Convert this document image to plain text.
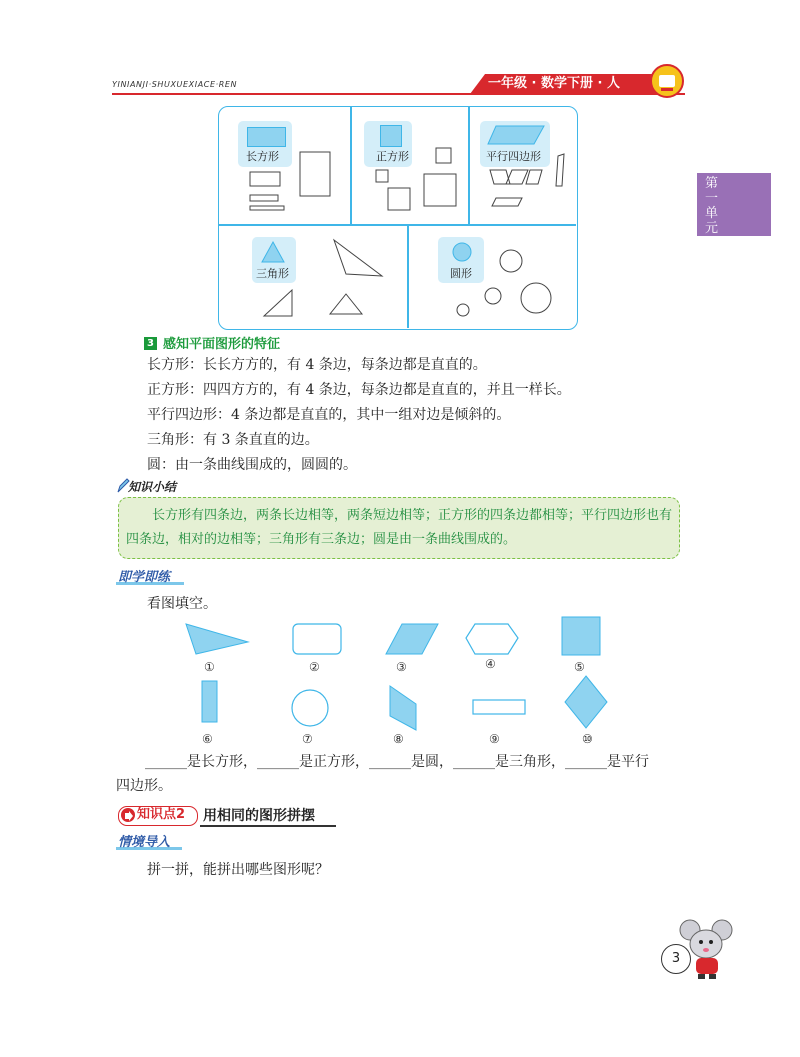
YINIANJI·SHUXUEXIACE·REN	一年级 · 数学下册 · 人
第一单元
长方形	正方形	平行四边形
三角形	圆形
3 感知平面图形的特征
长方形：长长方方的，有 4 条边，每条边都是直直的。
正方形：四四方方的，有 4 条边，每条边都是直直的，并且一样长。
平行四边形：4 条边都是直直的，其中一组对边是倾斜的。
三角形：有 3 条直直的边。
圆：由一条曲线围成的，圆圆的。
知识小结
长方形有四条边，两条长边相等，两条短边相等；正方形的四条边都相等；平行四边形也有四条边，相对的边相等；三角形有三条边；圆是由一条曲线围成的。
即学即练
看图填空。
①	②	③	④	⑤
⑥	⑦	⑧	⑨	⑩
______是长方形，______是正方形，______是圆，______是三角形，______是平行
四边形。
知识点2 用相同的图形拼摆
情境导入
拼一拼，能拼出哪些图形呢？
3
